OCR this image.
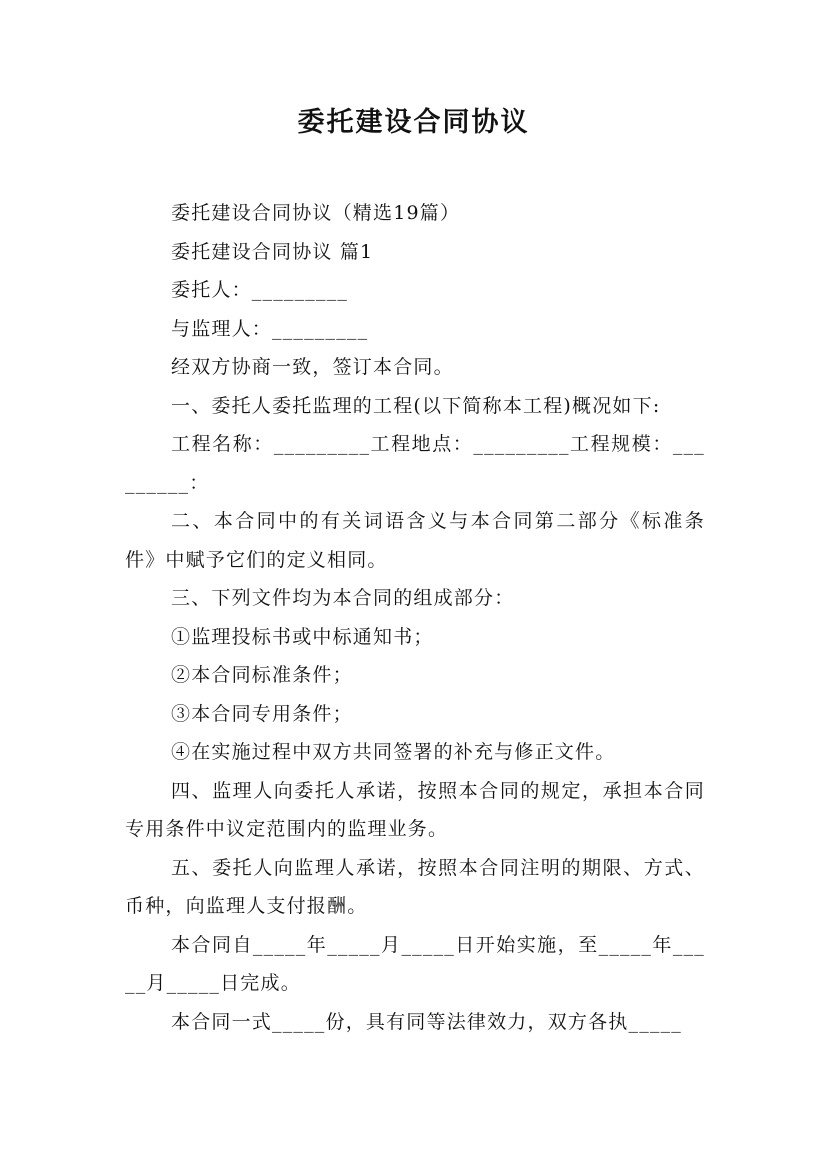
委托建设合同协议

委托建设合同协议（精选19篇）

委托建设合同协议 篇1

委托人：_________

与监理人：_________

经双方协商一致，签订本合同。

一、委托人委托监理的工程(以下简称本工程)概况如下:

工程名称：_________工程地点：_________工程规模：_________：

二、本合同中的有关词语含义与本合同第二部分《标准条件》中赋予它们的定义相同。

三、下列文件均为本合同的组成部分：

①监理投标书或中标通知书；

②本合同标准条件；

③本合同专用条件；

④在实施过程中双方共同签署的补充与修正文件。

四、监理人向委托人承诺，按照本合同的规定，承担本合同专用条件中议定范围内的监理业务。

五、委托人向监理人承诺，按照本合同注明的期限、方式、币种，向监理人支付报酬。

本合同自_____年_____月_____日开始实施，至_____年_____月_____日完成。

本合同一式_____份，具有同等法律效力，双方各执_____
